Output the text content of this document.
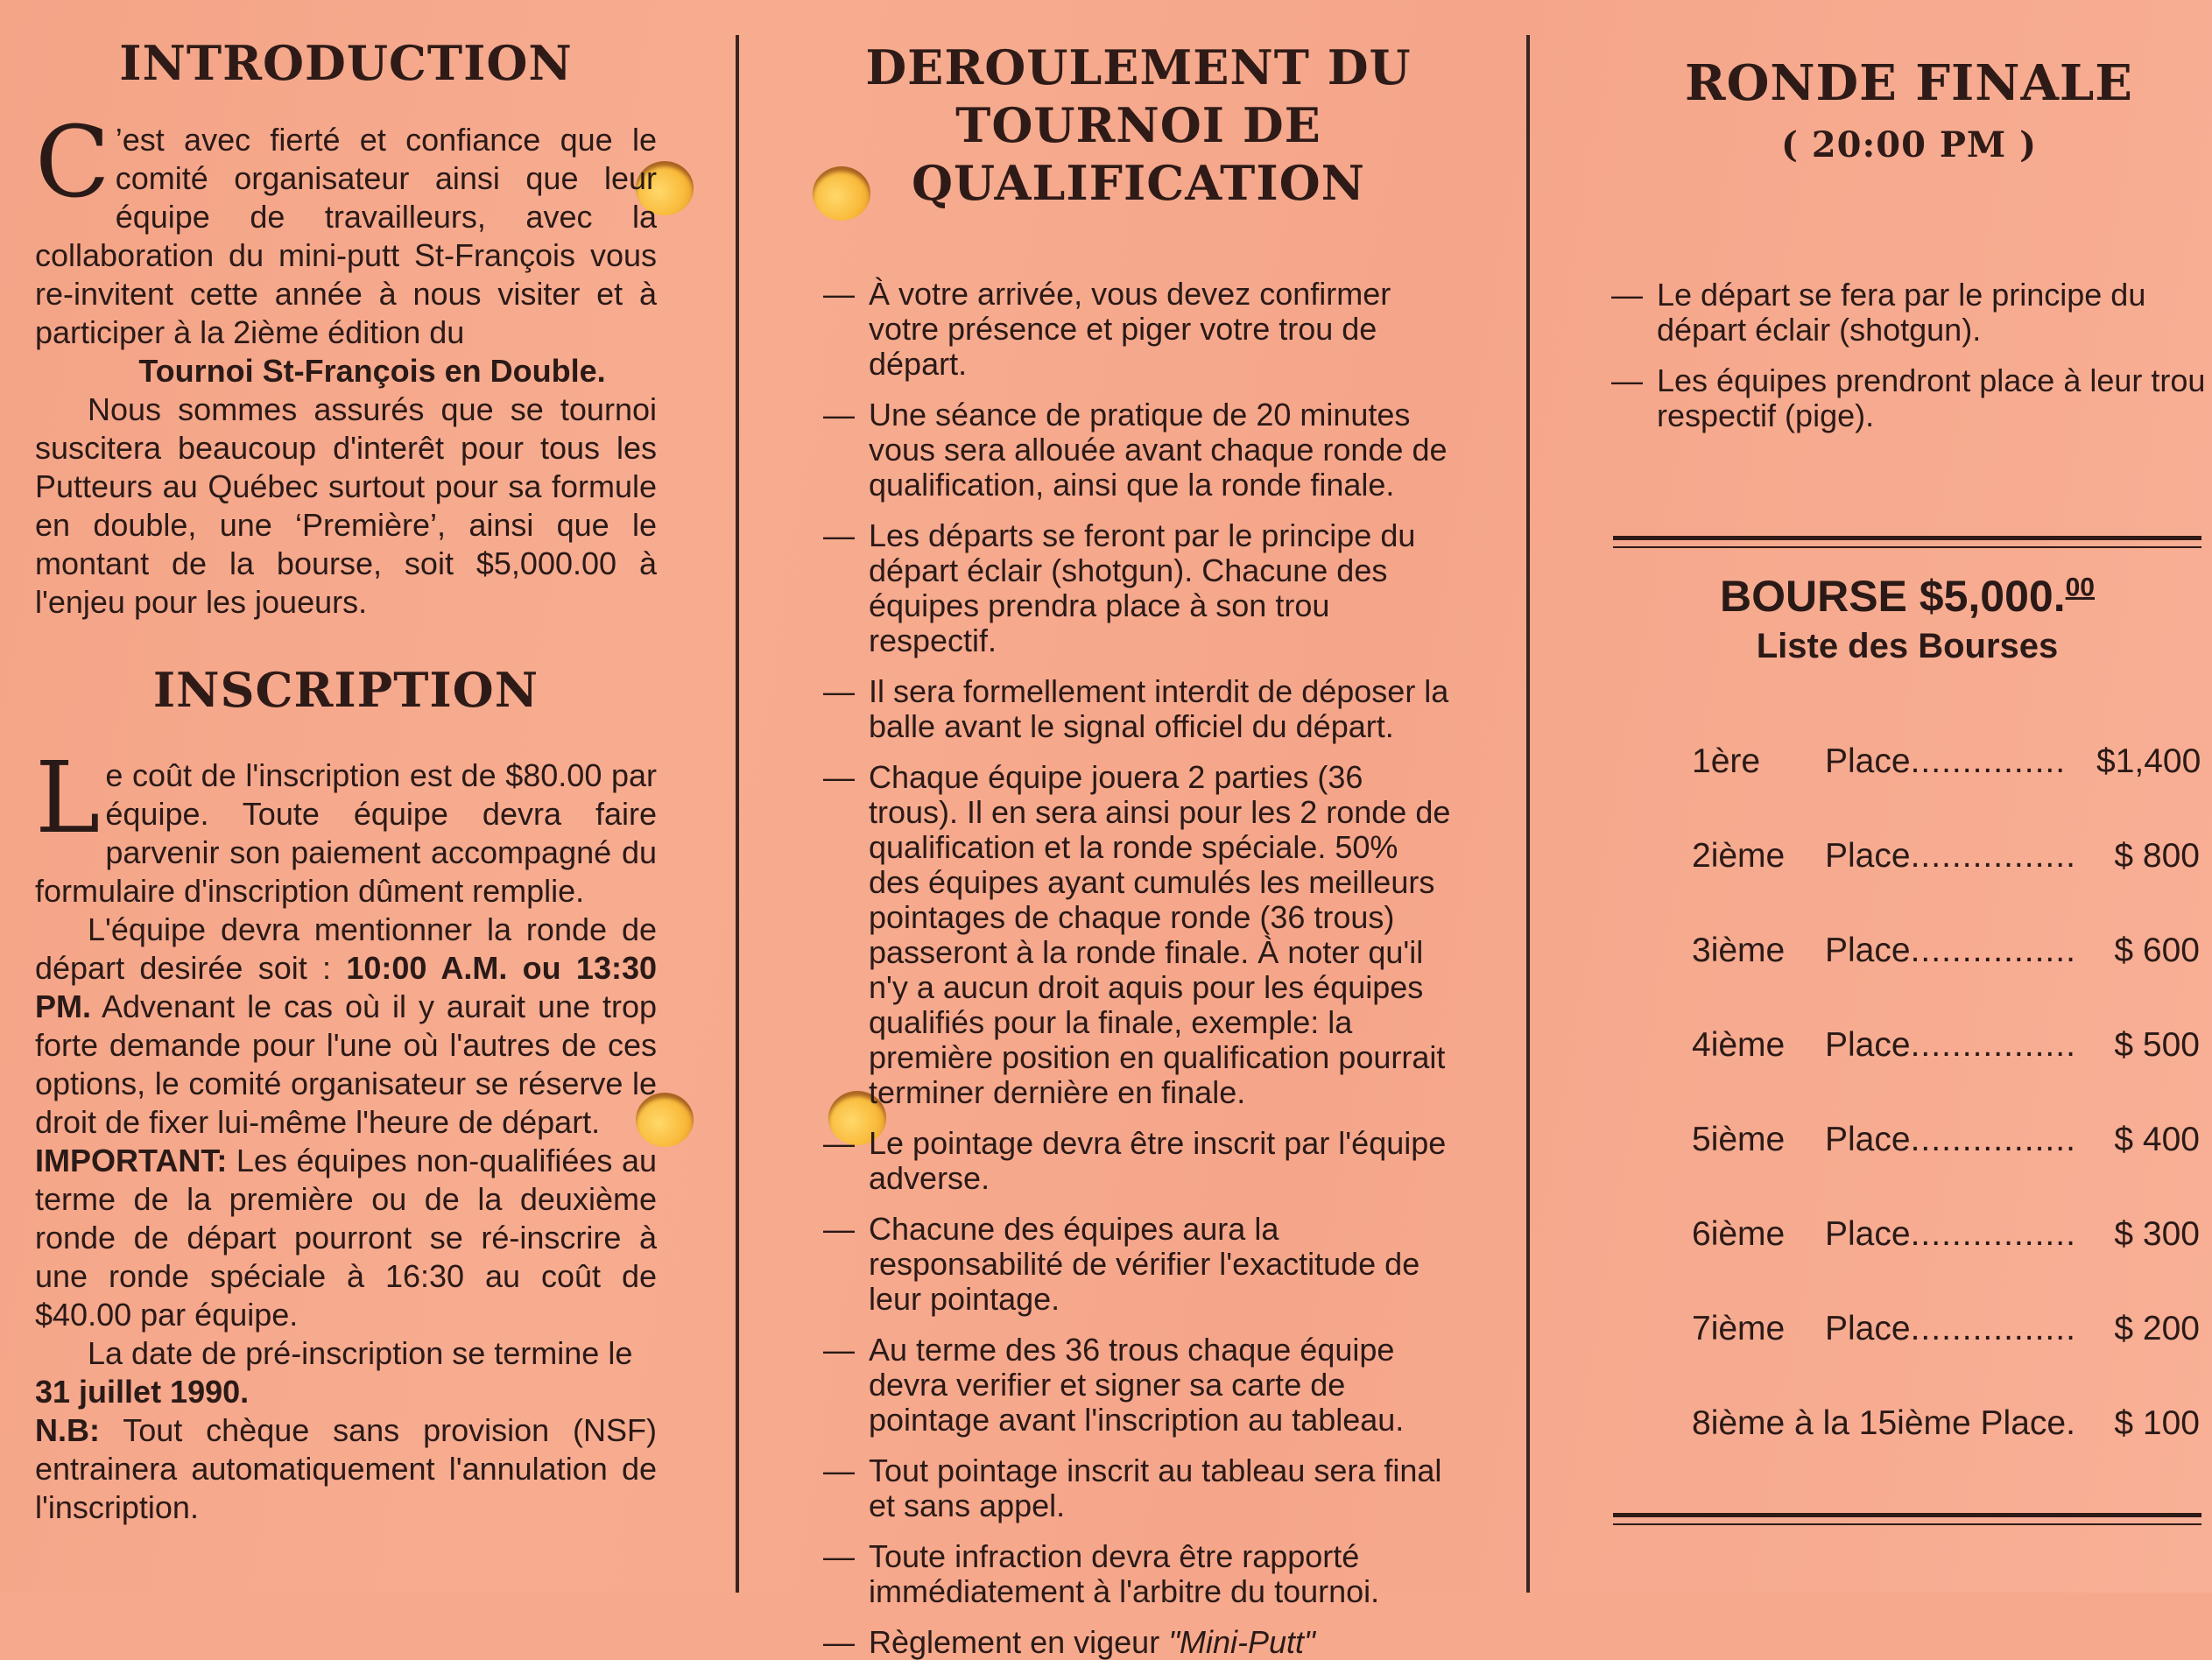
INTRODUCTION
C ’est avec fierté et confiance que le comité organisateur ainsi que leur équipe de travailleurs, avec la collaboration du mini-putt St-François vous re-invitent cette année à nous visiter et à participer à la 2ième édition du
Tournoi St-François en Double.

Nous sommes assurés que se tournoi suscitera beaucoup d'interêt pour tous les Putteurs au Québec surtout pour sa formule en double, une ‘Première’, ainsi que le montant de la bourse, soit $5,000.00 à l'enjeu pour les joueurs.

INSCRIPTION
Le coût de l'inscription est de $80.00 par équipe. Toute équipe devra faire parvenir son paiement accompagné du formulaire d'inscription dûment remplie.

L'équipe devra mentionner la ronde de départ desirée soit : 10:00 A.M. ou 13:30 PM. Advenant le cas où il y aurait une trop forte demande pour l'une où l'autres de ces options, le comité organisateur se réserve le droit de fixer lui-même l'heure de départ.

IMPORTANT: Les équipes non-qualifiées au terme de la première ou de la deuxième ronde de départ pourront se ré-inscrire à une ronde spéciale à 16:30 au coût de $40.00 par équipe.

La date de pré-inscription se termine le 31 juillet 1990.

N.B: Tout chèque sans provision (NSF) entrainera automatiquement l'annulation de l'inscription.

DEROULEMENT DU
TOURNOI DE
QUALIFICATION
— À votre arrivée, vous devez confirmer votre présence et piger votre trou de départ.
— Une séance de pratique de 20 minutes vous sera allouée avant chaque ronde de qualification, ainsi que la ronde finale.
— Les départs se feront par le principe du départ éclair (shotgun). Chacune des équipes prendra place à son trou respectif.
— Il sera formellement interdit de déposer la balle avant le signal officiel du départ.
— Chaque équipe jouera 2 parties (36 trous). Il en sera ainsi pour les 2 ronde de qualification et la ronde spéciale. 50% des équipes ayant cumulés les meilleurs pointages de chaque ronde (36 trous) passeront à la ronde finale. À noter qu'il n'y a aucun droit aquis pour les équipes qualifiés pour la finale, exemple: la première position en qualification pourrait terminer dernière en finale.
— Le pointage devra être inscrit par l'équipe adverse.
— Chacune des équipes aura la responsabilité de vérifier l'exactitude de leur pointage.
— Au terme des 36 trous chaque équipe devra verifier et signer sa carte de pointage avant l'inscription au tableau.
— Tout pointage inscrit au tableau sera final et sans appel.
— Toute infraction devra être rapporté immédiatement à l'arbitre du tournoi.
— Règlement en vigeur "Mini-Putt"
RONDE FINALE
( 20:00 PM )
— Le départ se fera par le principe du départ éclair (shotgun).
— Les équipes prendront place à leur trou respectif (pige).
BOURSE $5,000.00
Liste des Bourses
1ère	Place ............... $1,400
2ième	Place ................	$ 800
3ième	Place ................	$ 600
4ième	Place ................	$ 500
5ième	Place ................	$ 400
6ième	Place ................	$ 300
7ième	Place ................	$ 200
8ième à la 15ième Place .	$ 100
